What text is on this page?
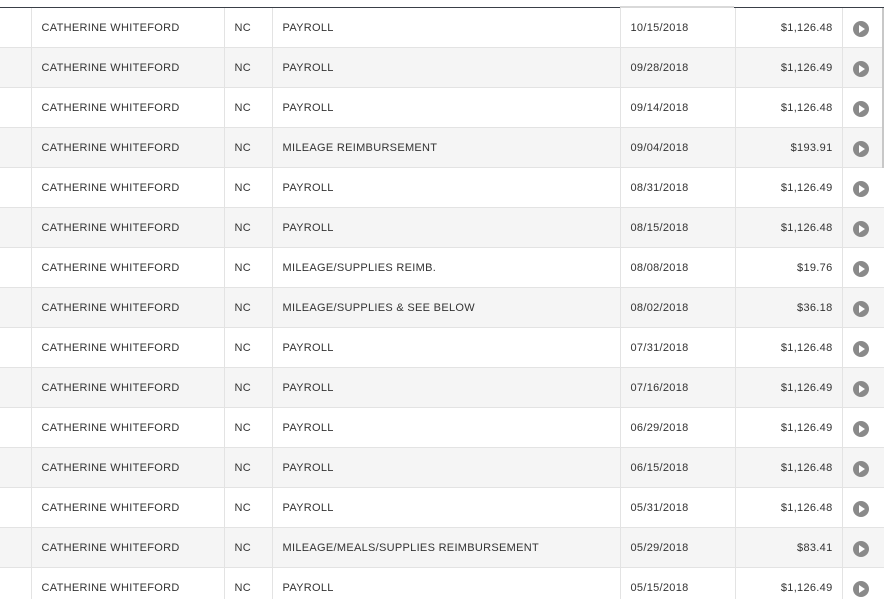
	CATHERINE WHITEFORD	NC	PAYROLL	10/15/2018	$1,126.48	
	CATHERINE WHITEFORD	NC	PAYROLL	09/28/2018	$1,126.49	
	CATHERINE WHITEFORD	NC	PAYROLL	09/14/2018	$1,126.48	
	CATHERINE WHITEFORD	NC	MILEAGE REIMBURSEMENT	09/04/2018	$193.91	
	CATHERINE WHITEFORD	NC	PAYROLL	08/31/2018	$1,126.49	
	CATHERINE WHITEFORD	NC	PAYROLL	08/15/2018	$1,126.48	
	CATHERINE WHITEFORD	NC	MILEAGE/SUPPLIES REIMB.	08/08/2018	$19.76	
	CATHERINE WHITEFORD	NC	MILEAGE/SUPPLIES & SEE BELOW	08/02/2018	$36.18	
	CATHERINE WHITEFORD	NC	PAYROLL	07/31/2018	$1,126.48	
	CATHERINE WHITEFORD	NC	PAYROLL	07/16/2018	$1,126.49	
	CATHERINE WHITEFORD	NC	PAYROLL	06/29/2018	$1,126.49	
	CATHERINE WHITEFORD	NC	PAYROLL	06/15/2018	$1,126.48	
	CATHERINE WHITEFORD	NC	PAYROLL	05/31/2018	$1,126.48	
	CATHERINE WHITEFORD	NC	MILEAGE/MEALS/SUPPLIES REIMBURSEMENT	05/29/2018	$83.41	
	CATHERINE WHITEFORD	NC	PAYROLL	05/15/2018	$1,126.49	
